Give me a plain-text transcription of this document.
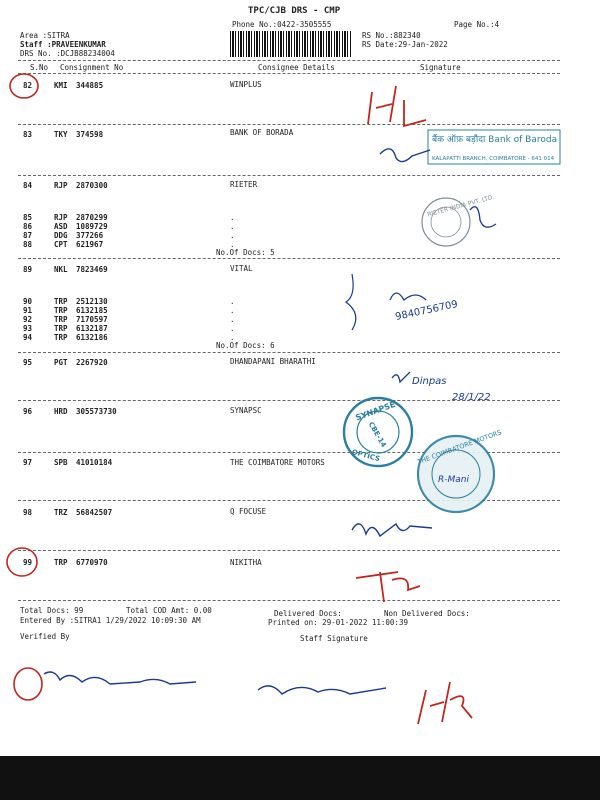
TPC/CJB DRS - CMP
Phone No.:0422-3505555
Area :SITRA
Staff :PRAVEENKUMAR
DRS No. :DCJB88234004
RS No.:882340
RS Date:29-Jan-2022
Page No.:4
S.No Consignment No	Consignee Details	Signature
82	KMI 344885	WINPLUS
83	TKY 374598	BANK OF BORADA
84	RJP 2870300	RIETER
85	RJP 2870299	.
86	ASD 1089729	.
87	DDG 377266	.
88	CPT 621967	.
No.Of Docs: 5
89	NKL 7823469	VITAL
90	TRP 2512130	.
91	TRP 6132185	.
92	TRP 7170597	.
93	TRP 6132187	.
94	TRP 6132186	.
No.Of Docs: 6
95	PGT 2267920	DHANDAPANI BHARATHI
96	HRD 305573730	SYNAPSC
97	SPB 41010184	THE COIMBATORE MOTORS
98	TRZ 56842507	Q FOCUSE
99	TRP 6770970	NIKITHA
Total Docs: 99	Total COD Amt: 0.00	Delivered Docs:	Non Delivered Docs:
Entered By :SITRA1 1/29/2022 10:09:30 AM	Printed on: 29-01-2022 11:00:39
Verified By	Staff Signature
बैंक ऑफ़ बड़ौदा Bank of Baroda
KALAPATTI BRANCH, COIMBATORE - 641 014
RIETER INDIA PVT. LTD.
9840756709
Dinpas
28/1/22
SYNAPSE
CBE-14
OPTICS	THE COIMBATORE MOTORS
R-Mani
